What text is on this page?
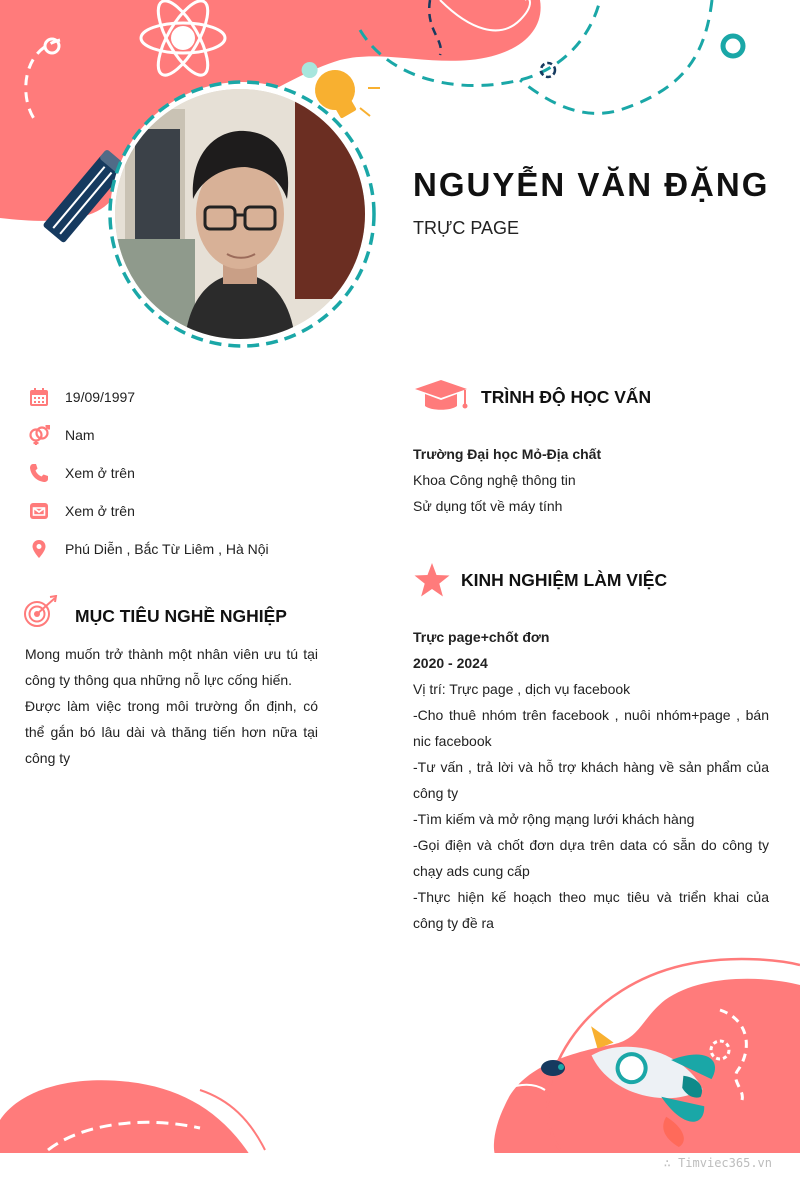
NGUYỄN VĂN ĐẶNG
TRỰC PAGE
19/09/1997
Nam
Xem ở trên
Xem ở trên
Phú Diễn , Bắc Từ Liêm , Hà Nội
MỤC TIÊU NGHỀ NGHIỆP
Mong muốn trở thành một nhân viên ưu tú tại công ty thông qua những nỗ lực cống hiến.
Được làm việc trong môi trường ổn định, có thể gắn bó lâu dài và thăng tiến hơn nữa tại công ty
TRÌNH ĐỘ HỌC VẤN
Trường Đại học Mỏ-Địa chất
Khoa Công nghệ thông tin
Sử dụng tốt về máy tính
KINH NGHIỆM LÀM VIỆC
Trực page+chốt đơn
2020 - 2024
Vị trí: Trực page , dịch vụ facebook
-Cho thuê nhóm trên facebook , nuôi nhóm+page , bán nic facebook
-Tư vấn , trả lời và hỗ trợ khách hàng về sản phẩm của công ty
-Tìm kiếm và mở rộng mạng lưới khách hàng
-Gọi điện và chốt đơn dựa trên data có sẵn do công ty chạy ads cung cấp
-Thực hiện kế hoạch theo mục tiêu và triển khai của công ty đề ra
∴ Timviec365.vn
